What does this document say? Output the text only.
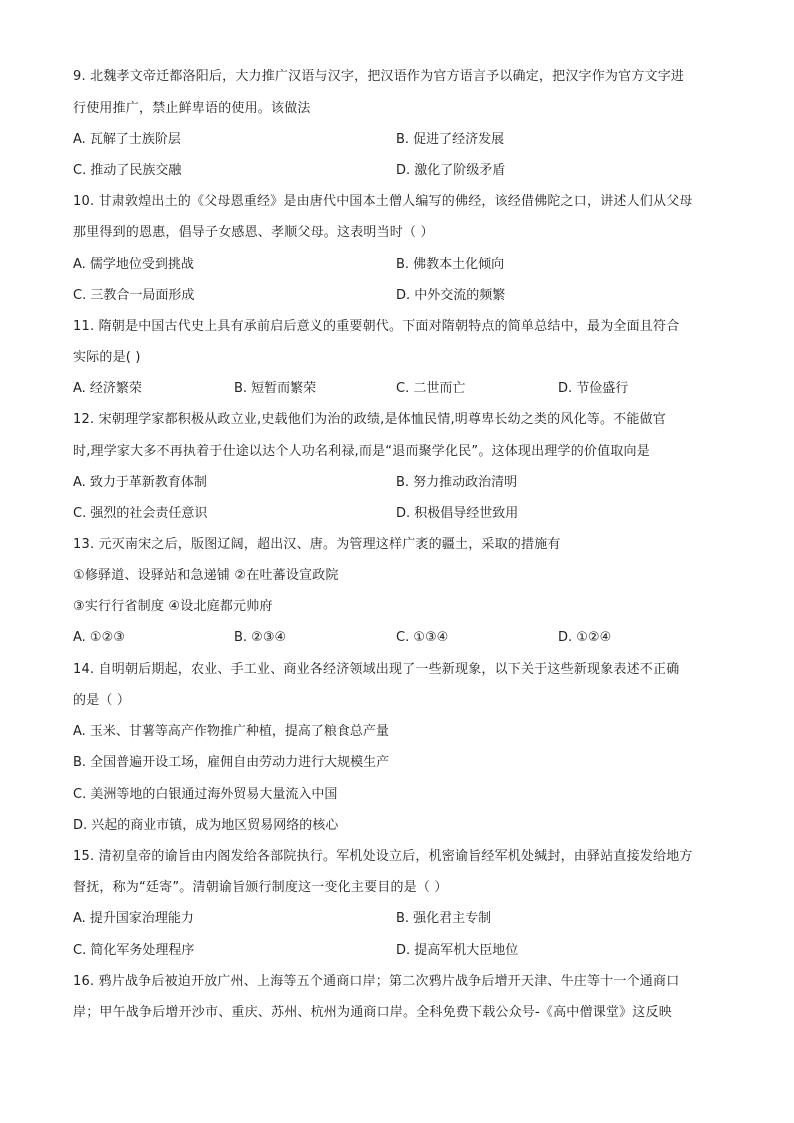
9. 北魏孝文帝迁都洛阳后，大力推广汉语与汉字，把汉语作为官方语言予以确定，把汉字作为官方文字进
行使用推广，禁止鲜卑语的使用。该做法
A. 瓦解了士族阶层	B. 促进了经济发展
C. 推动了民族交融	D. 激化了阶级矛盾
10. 甘肃敦煌出土的《父母恩重经》是由唐代中国本土僧人编写的佛经，该经借佛陀之口，讲述人们从父母
那里得到的恩惠，倡导子女感恩、孝顺父母。这表明当时（ ）
A. 儒学地位受到挑战	B. 佛教本土化倾向
C. 三教合一局面形成	D. 中外交流的频繁
11. 隋朝是中国古代史上具有承前启后意义的重要朝代。下面对隋朝特点的简单总结中，最为全面且符合
实际的是( )
A. 经济繁荣	B. 短暂而繁荣	C. 二世而亡	D. 节俭盛行
12. 宋朝理学家都积极从政立业,史载他们为治的政绩,是体恤民情,明尊卑长幼之类的风化等。不能做官
时,理学家大多不再执着于仕途以达个人功名利禄,而是“退而聚学化民”。这体现出理学的价值取向是
A. 致力于革新教育体制	B. 努力推动政治清明
C. 强烈的社会责任意识	D. 积极倡导经世致用
13. 元灭南宋之后，版图辽阔，超出汉、唐。为管理这样广袤的疆土，采取的措施有
①修驿道、设驿站和急递铺 ②在吐蕃设宣政院
③实行行省制度 ④设北庭都元帅府
A. ①②③	B. ②③④	C. ①③④	D. ①②④
14. 自明朝后期起，农业、手工业、商业各经济领域出现了一些新现象，以下关于这些新现象表述不正确
的是（ ）
A. 玉米、甘薯等高产作物推广种植，提高了粮食总产量
B. 全国普遍开设工场，雇佣自由劳动力进行大规模生产
C. 美洲等地的白银通过海外贸易大量流入中国
D. 兴起的商业市镇，成为地区贸易网络的核心
15. 清初皇帝的谕旨由内阁发给各部院执行。军机处设立后，机密谕旨经军机处缄封，由驿站直接发给地方
督抚，称为“廷寄”。清朝谕旨颁行制度这一变化主要目的是（ ）
A. 提升国家治理能力	B. 强化君主专制
C. 简化军务处理程序	D. 提高军机大臣地位
16. 鸦片战争后被迫开放广州、上海等五个通商口岸；第二次鸦片战争后增开天津、牛庄等十一个通商口
岸；甲午战争后增开沙市、重庆、苏州、杭州为通商口岸。全科免费下载公众号-《高中僧课堂》这反映
